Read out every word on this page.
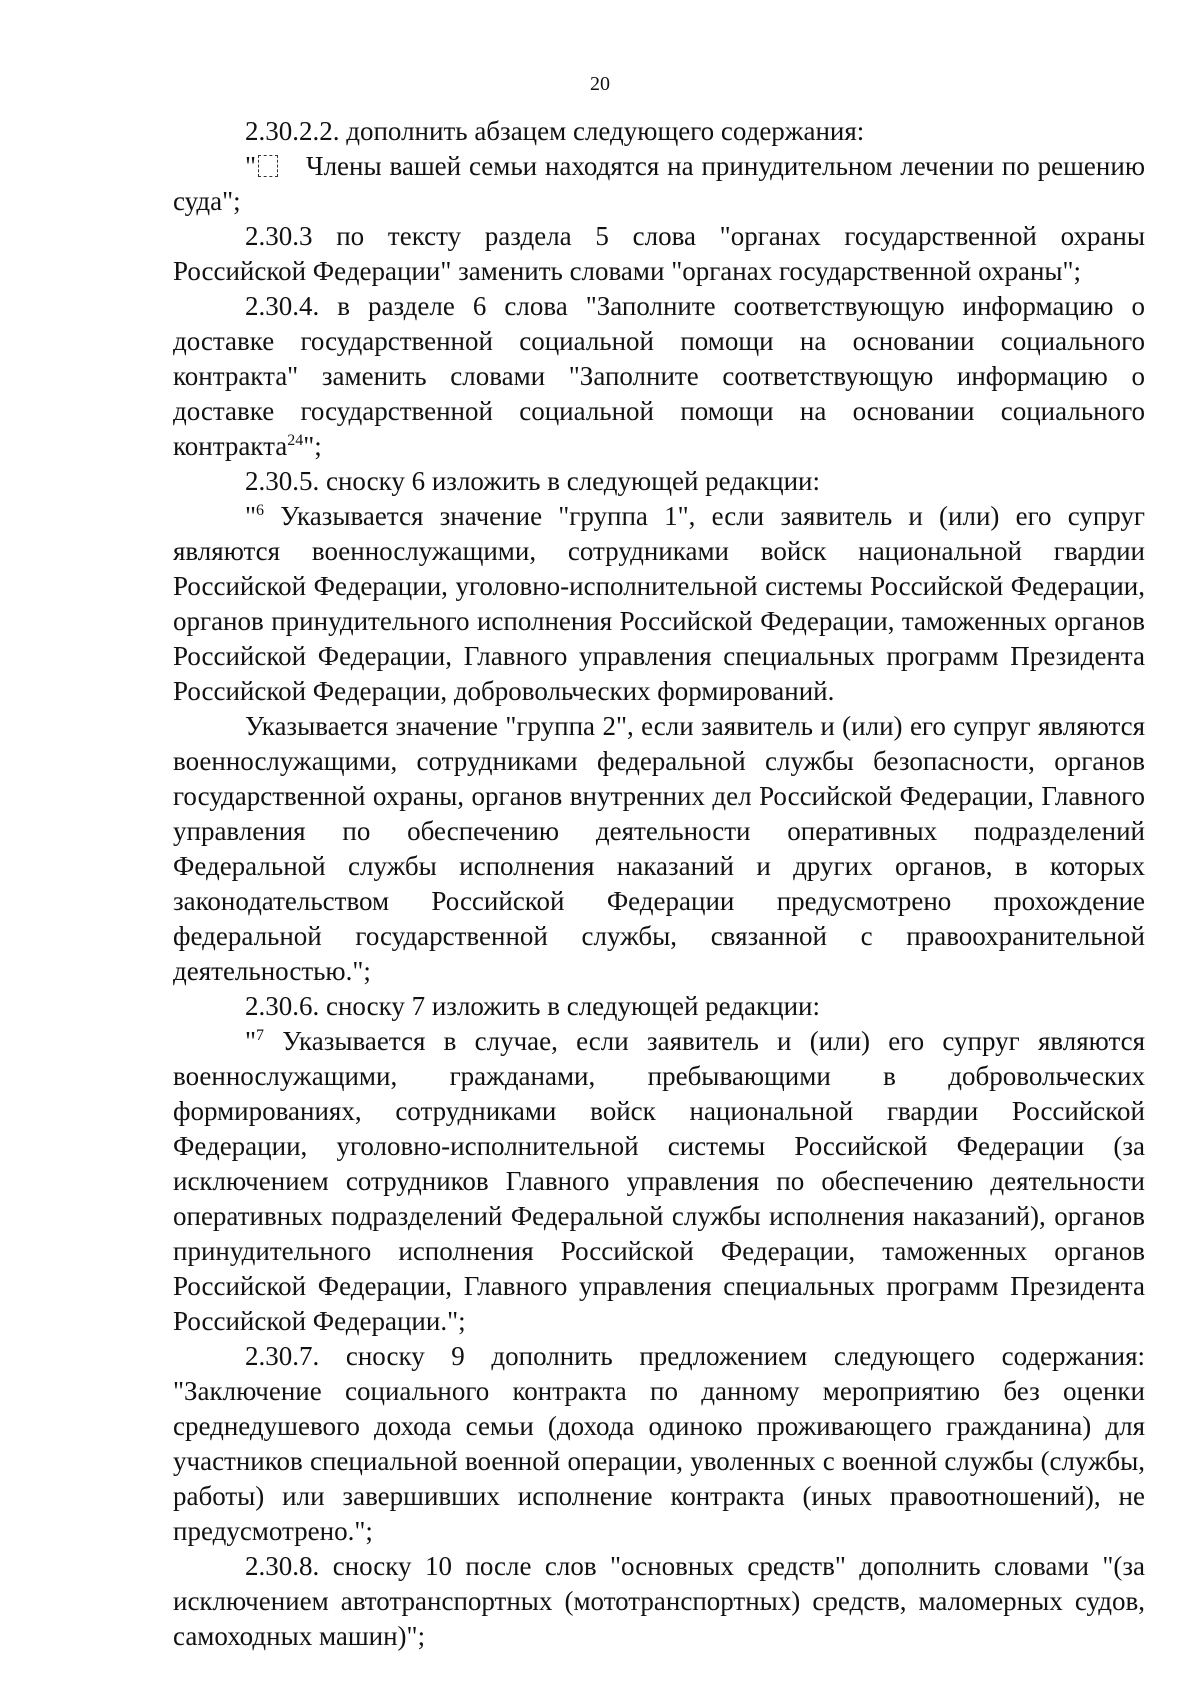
20

2.30.2.2. дополнить абзацем следующего содержания:

" Члены вашей семьи находятся на принудительном лечении по решению суда";

2.30.3 по тексту раздела 5 слова "органах государственной охраны Российской Федерации" заменить словами "органах государственной охраны";

2.30.4. в разделе 6 слова "Заполните соответствующую информацию о доставке государственной социальной помощи на основании социального контракта" заменить словами "Заполните соответствующую информацию о доставке государственной социальной помощи на основании социального контракта$^{24}$";

2.30.5. сноску 6 изложить в следующей редакции:

"$^6$ Указывается значение "группа 1", если заявитель и (или) его супруг являются военнослужащими, сотрудниками войск национальной гвардии Российской Федерации, уголовно-исполнительной системы Российской Федерации, органов принудительного исполнения Российской Федерации, таможенных органов Российской Федерации, Главного управления специальных программ Президента Российской Федерации, добровольческих формирований.

Указывается значение "группа 2", если заявитель и (или) его супруг являются военнослужащими, сотрудниками федеральной службы безопасности, органов государственной охраны, органов внутренних дел Российской Федерации, Главного управления по обеспечению деятельности оперативных подразделений Федеральной службы исполнения наказаний и других органов, в которых законодательством Российской Федерации предусмотрено прохождение федеральной государственной службы, связанной с правоохранительной деятельностью.";

2.30.6. сноску 7 изложить в следующей редакции:

"$^7$ Указывается в случае, если заявитель и (или) его супруг являются военнослужащими, гражданами, пребывающими в добровольческих формированиях, сотрудниками войск национальной гвардии Российской Федерации, уголовно-исполнительной системы Российской Федерации (за исключением сотрудников Главного управления по обеспечению деятельности оперативных подразделений Федеральной службы исполнения наказаний), органов принудительного исполнения Российской Федерации, таможенных органов Российской Федерации, Главного управления специальных программ Президента Российской Федерации.";

2.30.7. сноску 9 дополнить предложением следующего содержания: "Заключение социального контракта по данному мероприятию без оценки среднедушевого дохода семьи (дохода одиноко проживающего гражданина) для участников специальной военной операции, уволенных с военной службы (службы, работы) или завершивших исполнение контракта (иных правоотношений), не предусмотрено.";

2.30.8. сноску 10 после слов "основных средств" дополнить словами "(за исключением автотранспортных (мототранспортных) средств, маломерных судов, самоходных машин)";
